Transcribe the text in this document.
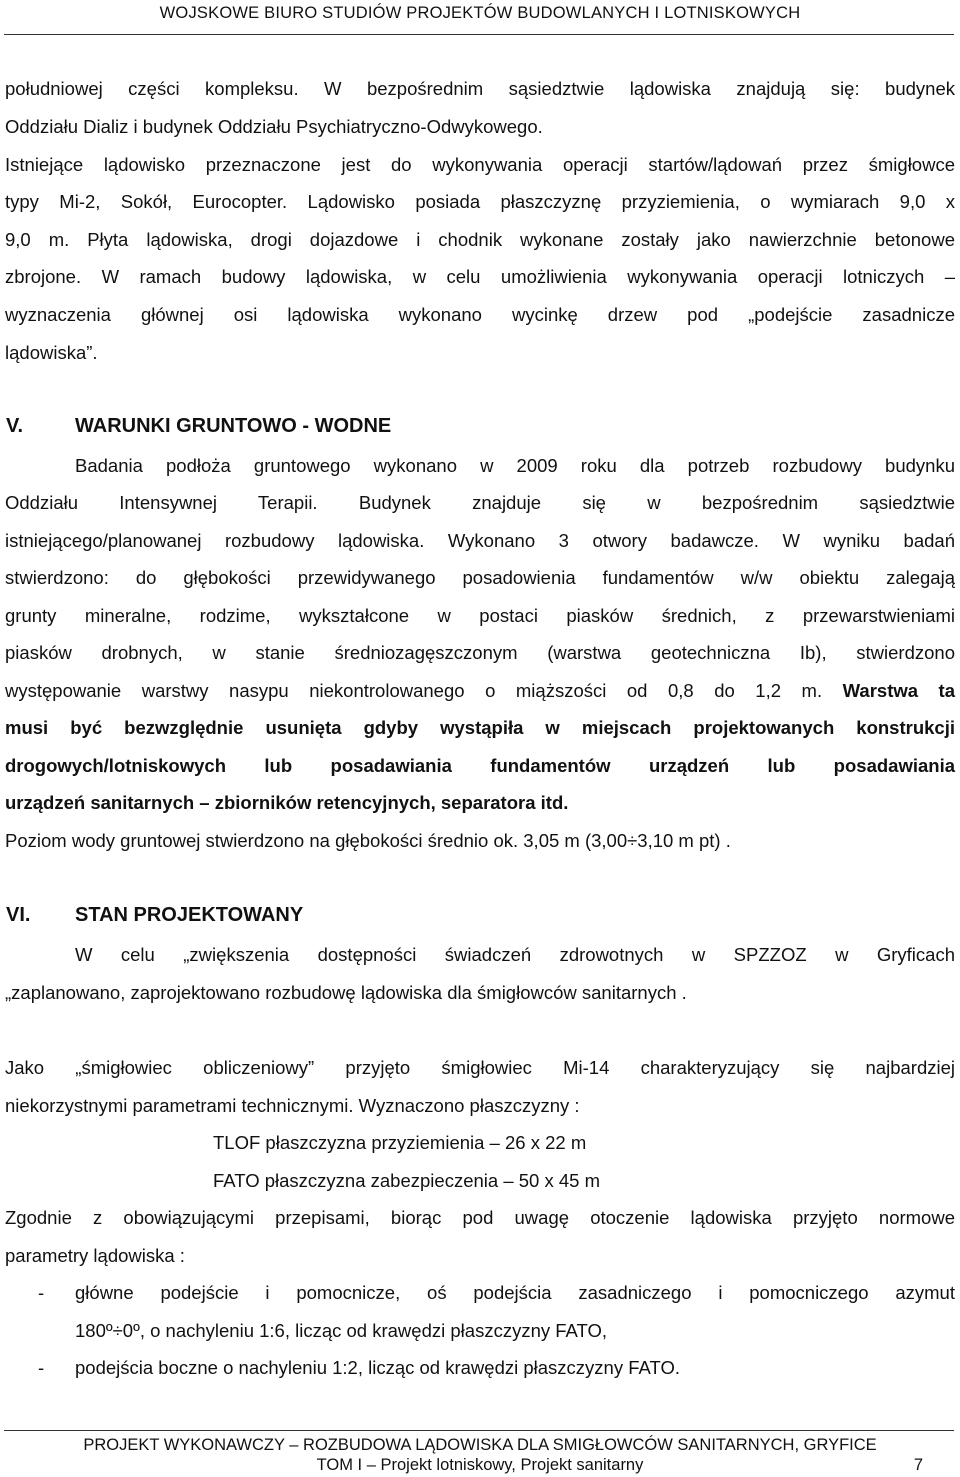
WOJSKOWE BIURO STUDIÓW PROJEKTÓW BUDOWLANYCH I LOTNISKOWYCH
południowej części kompleksu. W bezpośrednim sąsiedztwie lądowiska znajdują się: budynek
Oddziału Dializ i budynek Oddziału Psychiatryczno-Odwykowego.
Istniejące lądowisko przeznaczone jest do wykonywania operacji startów/lądowań przez śmigłowce
typy Mi-2, Sokół, Eurocopter. Lądowisko posiada płaszczyznę przyziemienia, o wymiarach 9,0 x
9,0 m. Płyta lądowiska, drogi dojazdowe i chodnik wykonane zostały jako nawierzchnie betonowe
zbrojone. W ramach budowy lądowiska, w celu umożliwienia wykonywania operacji lotniczych –
wyznaczenia głównej osi lądowiska wykonano wycinkę drzew pod „podejście zasadnicze
lądowiska”.
V.	WARUNKI GRUNTOWO - WODNE
Badania podłoża gruntowego wykonano w 2009 roku dla potrzeb rozbudowy budynku
Oddziału Intensywnej Terapii. Budynek znajduje się w bezpośrednim sąsiedztwie
istniejącego/planowanej rozbudowy lądowiska. Wykonano 3 otwory badawcze. W wyniku badań
stwierdzono: do głębokości przewidywanego posadowienia fundamentów w/w obiektu zalegają
grunty mineralne, rodzime, wykształcone w postaci piasków średnich, z przewarstwieniami
piasków drobnych, w stanie średniozagęszczonym (warstwa geotechniczna Ib), stwierdzono
występowanie warstwy nasypu niekontrolowanego o miąższości od 0,8 do 1,2 m. Warstwa ta
musi być bezwzględnie usunięta gdyby wystąpiła w miejscach projektowanych konstrukcji
drogowych/lotniskowych lub posadawiania fundamentów urządzeń lub posadawiania
urządzeń sanitarnych – zbiorników retencyjnych, separatora itd.
Poziom wody gruntowej stwierdzono na głębokości średnio ok. 3,05 m (3,00÷3,10 m pt) .
VI. STAN PROJEKTOWANY
W celu „zwiększenia dostępności świadczeń zdrowotnych w SPZZOZ w Gryficach
„zaplanowano, zaprojektowano rozbudowę lądowiska dla śmigłowców sanitarnych .
Jako „śmigłowiec obliczeniowy” przyjęto śmigłowiec Mi-14 charakteryzujący się najbardziej
niekorzystnymi parametrami technicznymi. Wyznaczono płaszczyzny :
TLOF płaszczyzna przyziemienia – 26 x 22 m
FATO płaszczyzna zabezpieczenia – 50 x 45 m
Zgodnie z obowiązującymi przepisami, biorąc pod uwagę otoczenie lądowiska przyjęto normowe
parametry lądowiska :
-	główne podejście i pomocnicze, oś podejścia zasadniczego i pomocniczego azymut
180º÷0º, o nachyleniu 1:6, licząc od krawędzi płaszczyzny FATO,
-	podejścia boczne o nachyleniu 1:2, licząc od krawędzi płaszczyzny FATO.
PROJEKT WYKONAWCZY – ROZBUDOWA LĄDOWISKA DLA SMIGŁOWCÓW SANITARNYCH, GRYFICE
TOM I – Projekt lotniskowy, Projekt sanitarny	7
